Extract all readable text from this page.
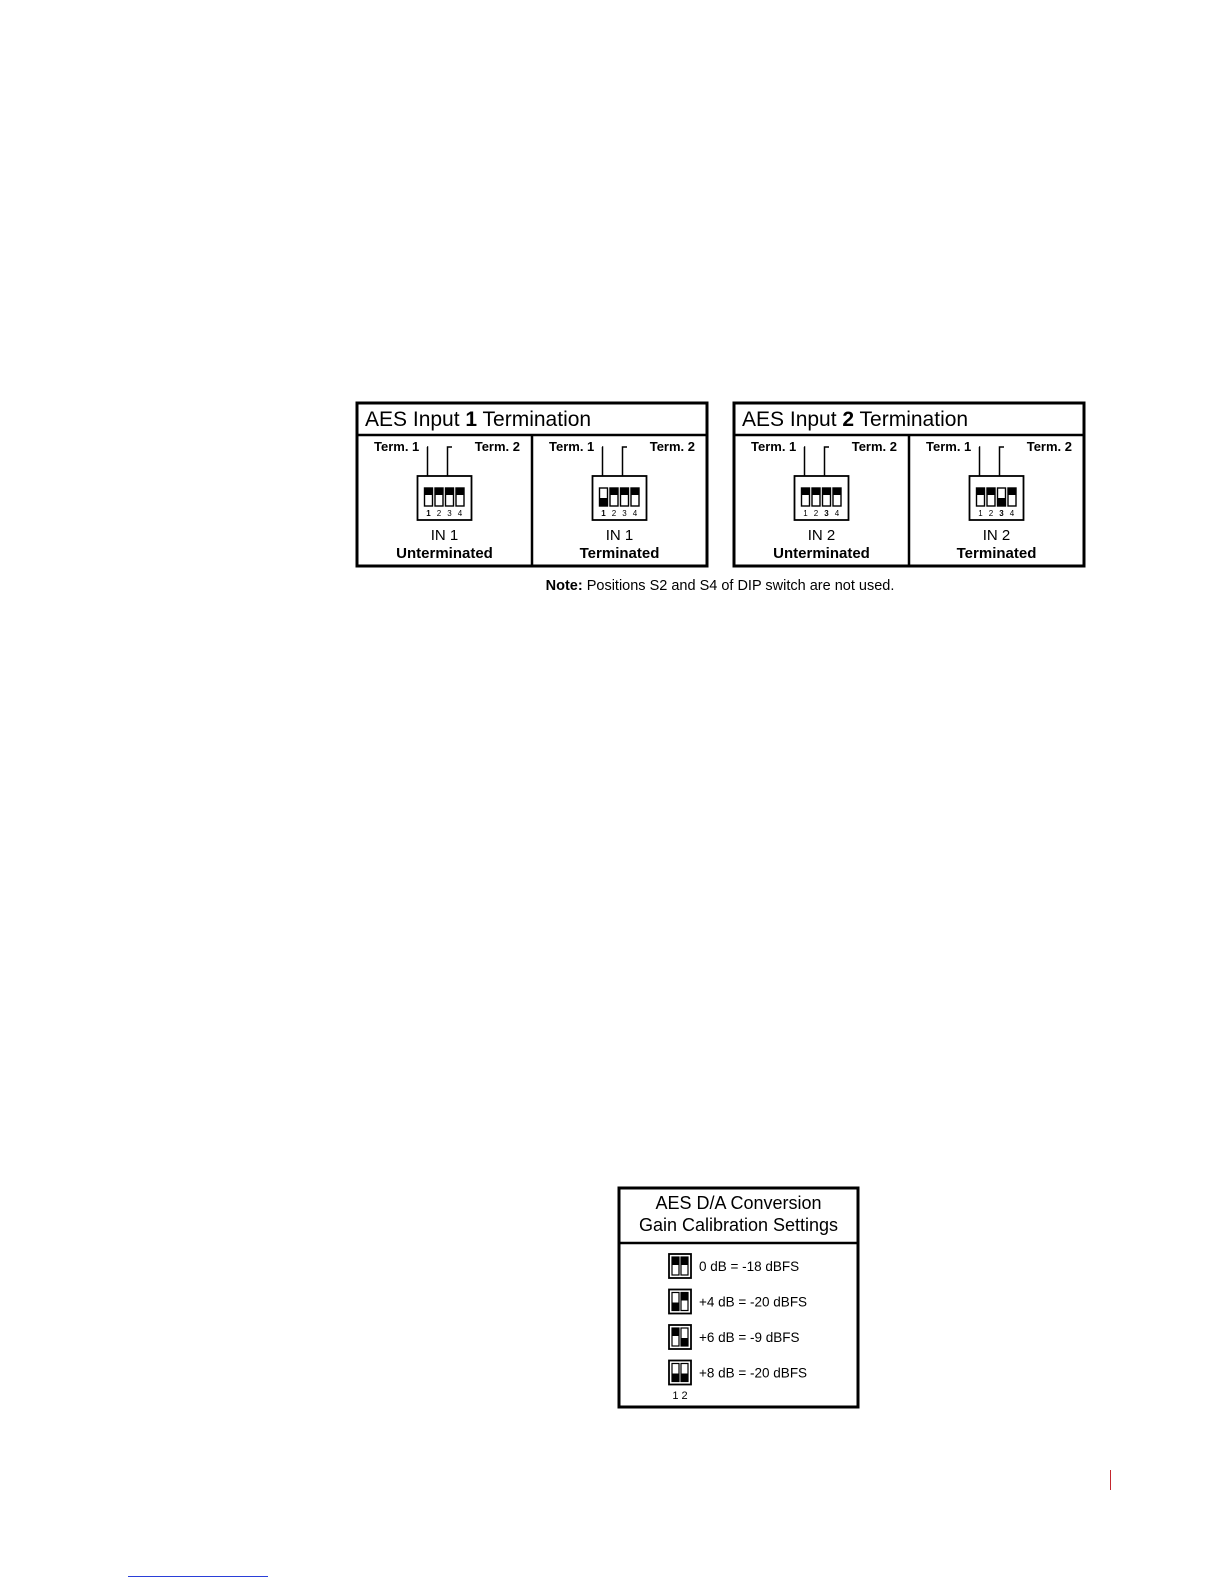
AES Input 1 Termination
Term. 1	Term. 2
1 2 3 4
IN 1
Unterminated
Term. 1	Term. 2
1 2 3 4
IN 1
Terminated
AES Input 2 Termination
Term. 1	Term. 2
1 2 3 4
IN 2
Unterminated
Term. 1	Term. 2
1 2 3 4
IN 2
Terminated
AES D/A Conversion
Gain Calibration Settings
0 dB = -18 dBFS
+4 dB = -20 dBFS
+6 dB = -9 dBFS
+8 dB = -20 dBFS
1 2
Note: Positions S2 and S4 of DIP switch are not used.
